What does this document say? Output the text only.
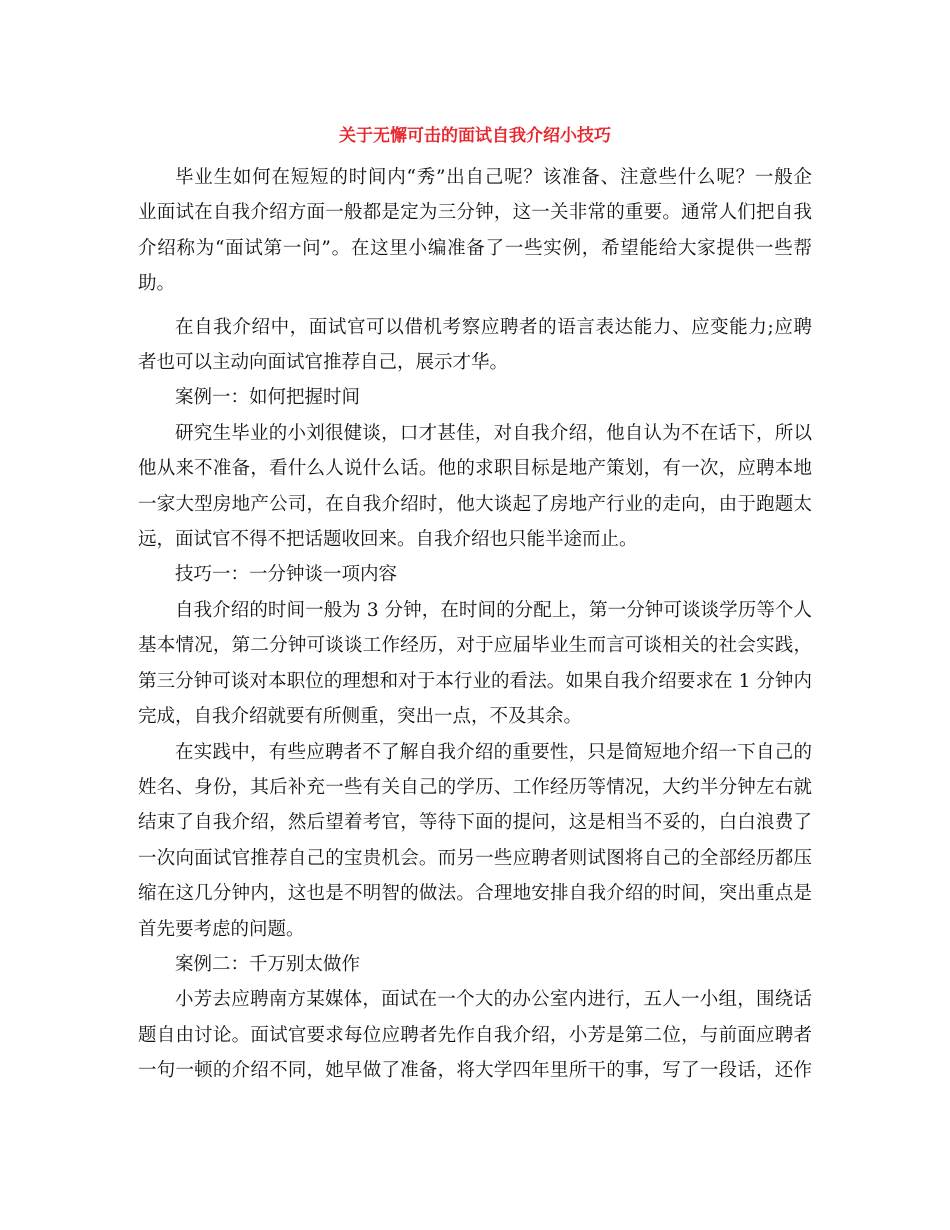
关于无懈可击的面试自我介绍小技巧

毕业生如何在短短的时间内“秀”出自己呢？该准备、注意些什么呢？一般企
业面试在自我介绍方面一般都是定为三分钟，这一关非常的重要。通常人们把自我
介绍称为“面试第一问”。在这里小编准备了一些实例，希望能给大家提供一些帮
助。

在自我介绍中，面试官可以借机考察应聘者的语言表达能力、应变能力;应聘
者也可以主动向面试官推荐自己，展示才华。

案例一：如何把握时间

研究生毕业的小刘很健谈，口才甚佳，对自我介绍，他自认为不在话下，所以
他从来不准备，看什么人说什么话。他的求职目标是地产策划，有一次，应聘本地
一家大型房地产公司，在自我介绍时，他大谈起了房地产行业的走向，由于跑题太
远，面试官不得不把话题收回来。自我介绍也只能半途而止。

技巧一：一分钟谈一项内容

自我介绍的时间一般为 3 分钟，在时间的分配上，第一分钟可谈谈学历等个人
基本情况，第二分钟可谈谈工作经历，对于应届毕业生而言可谈相关的社会实践，
第三分钟可谈对本职位的理想和对于本行业的看法。如果自我介绍要求在 1 分钟内
完成，自我介绍就要有所侧重，突出一点，不及其余。

在实践中，有些应聘者不了解自我介绍的重要性，只是简短地介绍一下自己的
姓名、身份，其后补充一些有关自己的学历、工作经历等情况，大约半分钟左右就
结束了自我介绍，然后望着考官，等待下面的提问，这是相当不妥的，白白浪费了
一次向面试官推荐自己的宝贵机会。而另一些应聘者则试图将自己的全部经历都压
缩在这几分钟内，这也是不明智的做法。合理地安排自我介绍的时间，突出重点是
首先要考虑的问题。

案例二：千万别太做作

小芳去应聘南方某媒体，面试在一个大的办公室内进行，五人一小组，围绕话
题自由讨论。面试官要求每位应聘者先作自我介绍，小芳是第二位，与前面应聘者
一句一顿的介绍不同，她早做了准备，将大学四年里所干的事，写了一段话，还作
